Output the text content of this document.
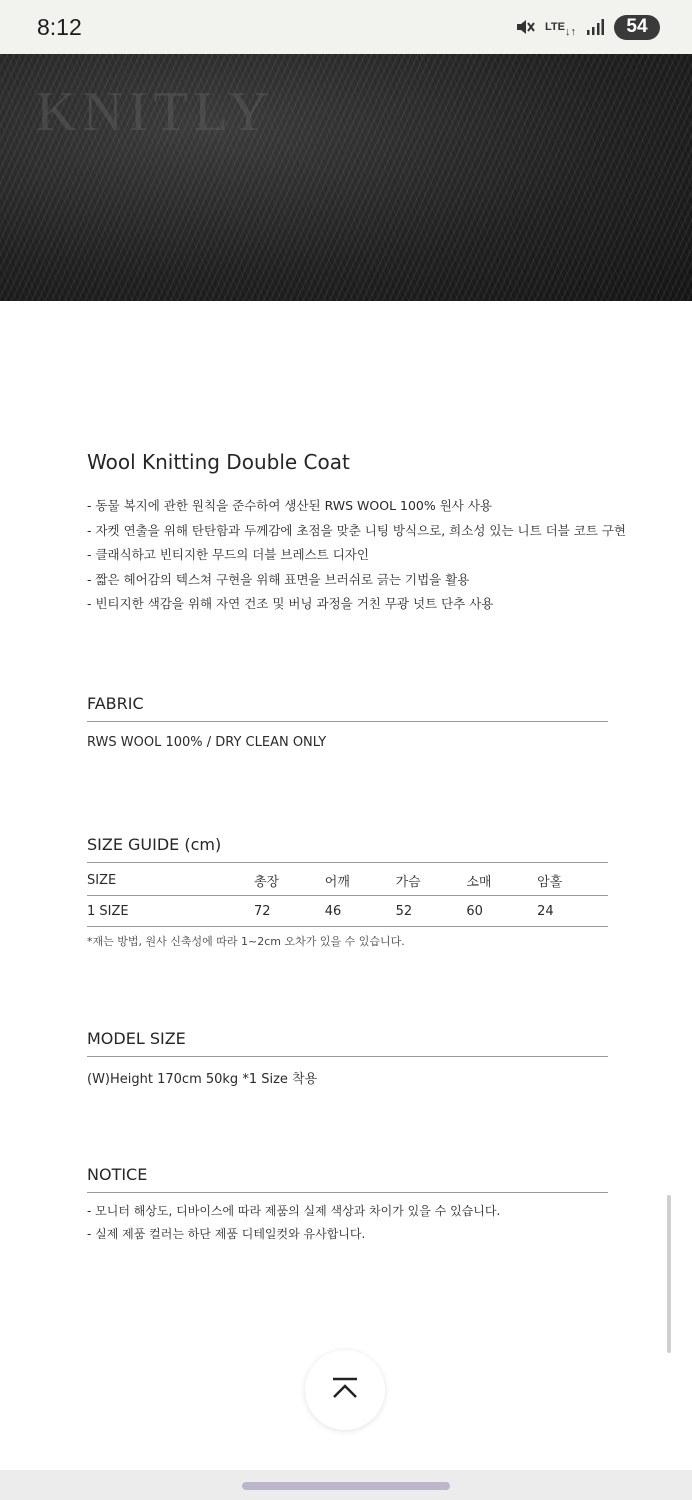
8:12	LTE ↓↑	54
KNITLY
Wool Knitting Double Coat
- 동물 복지에 관한 원칙을 준수하여 생산된 RWS WOOL 100% 원사 사용
- 자켓 연출을 위해 탄탄함과 두께감에 초점을 맞춘 니팅 방식으로, 희소성 있는 니트 더블 코트 구현
- 클래식하고 빈티지한 무드의 더블 브레스트 디자인
- 짧은 헤어감의 텍스쳐 구현을 위해 표면을 브러쉬로 긁는 기법을 활용
- 빈티지한 색감을 위해 자연 건조 및 버닝 과정을 거친 무광 넛트 단추 사용
FABRIC
RWS WOOL 100% / DRY CLEAN ONLY
SIZE GUIDE (cm)
SIZE	총장	어깨	가슴	소매	암홀
1 SIZE	72	46	52	60	24
*재는 방법, 원사 신축성에 따라 1~2cm 오차가 있을 수 있습니다.
MODEL SIZE
(W)Height 170cm 50kg *1 Size 착용
NOTICE
- 모니터 해상도, 디바이스에 따라 제품의 실제 색상과 차이가 있을 수 있습니다.
- 실제 제품 컬러는 하단 제품 디테일컷와 유사합니다.
